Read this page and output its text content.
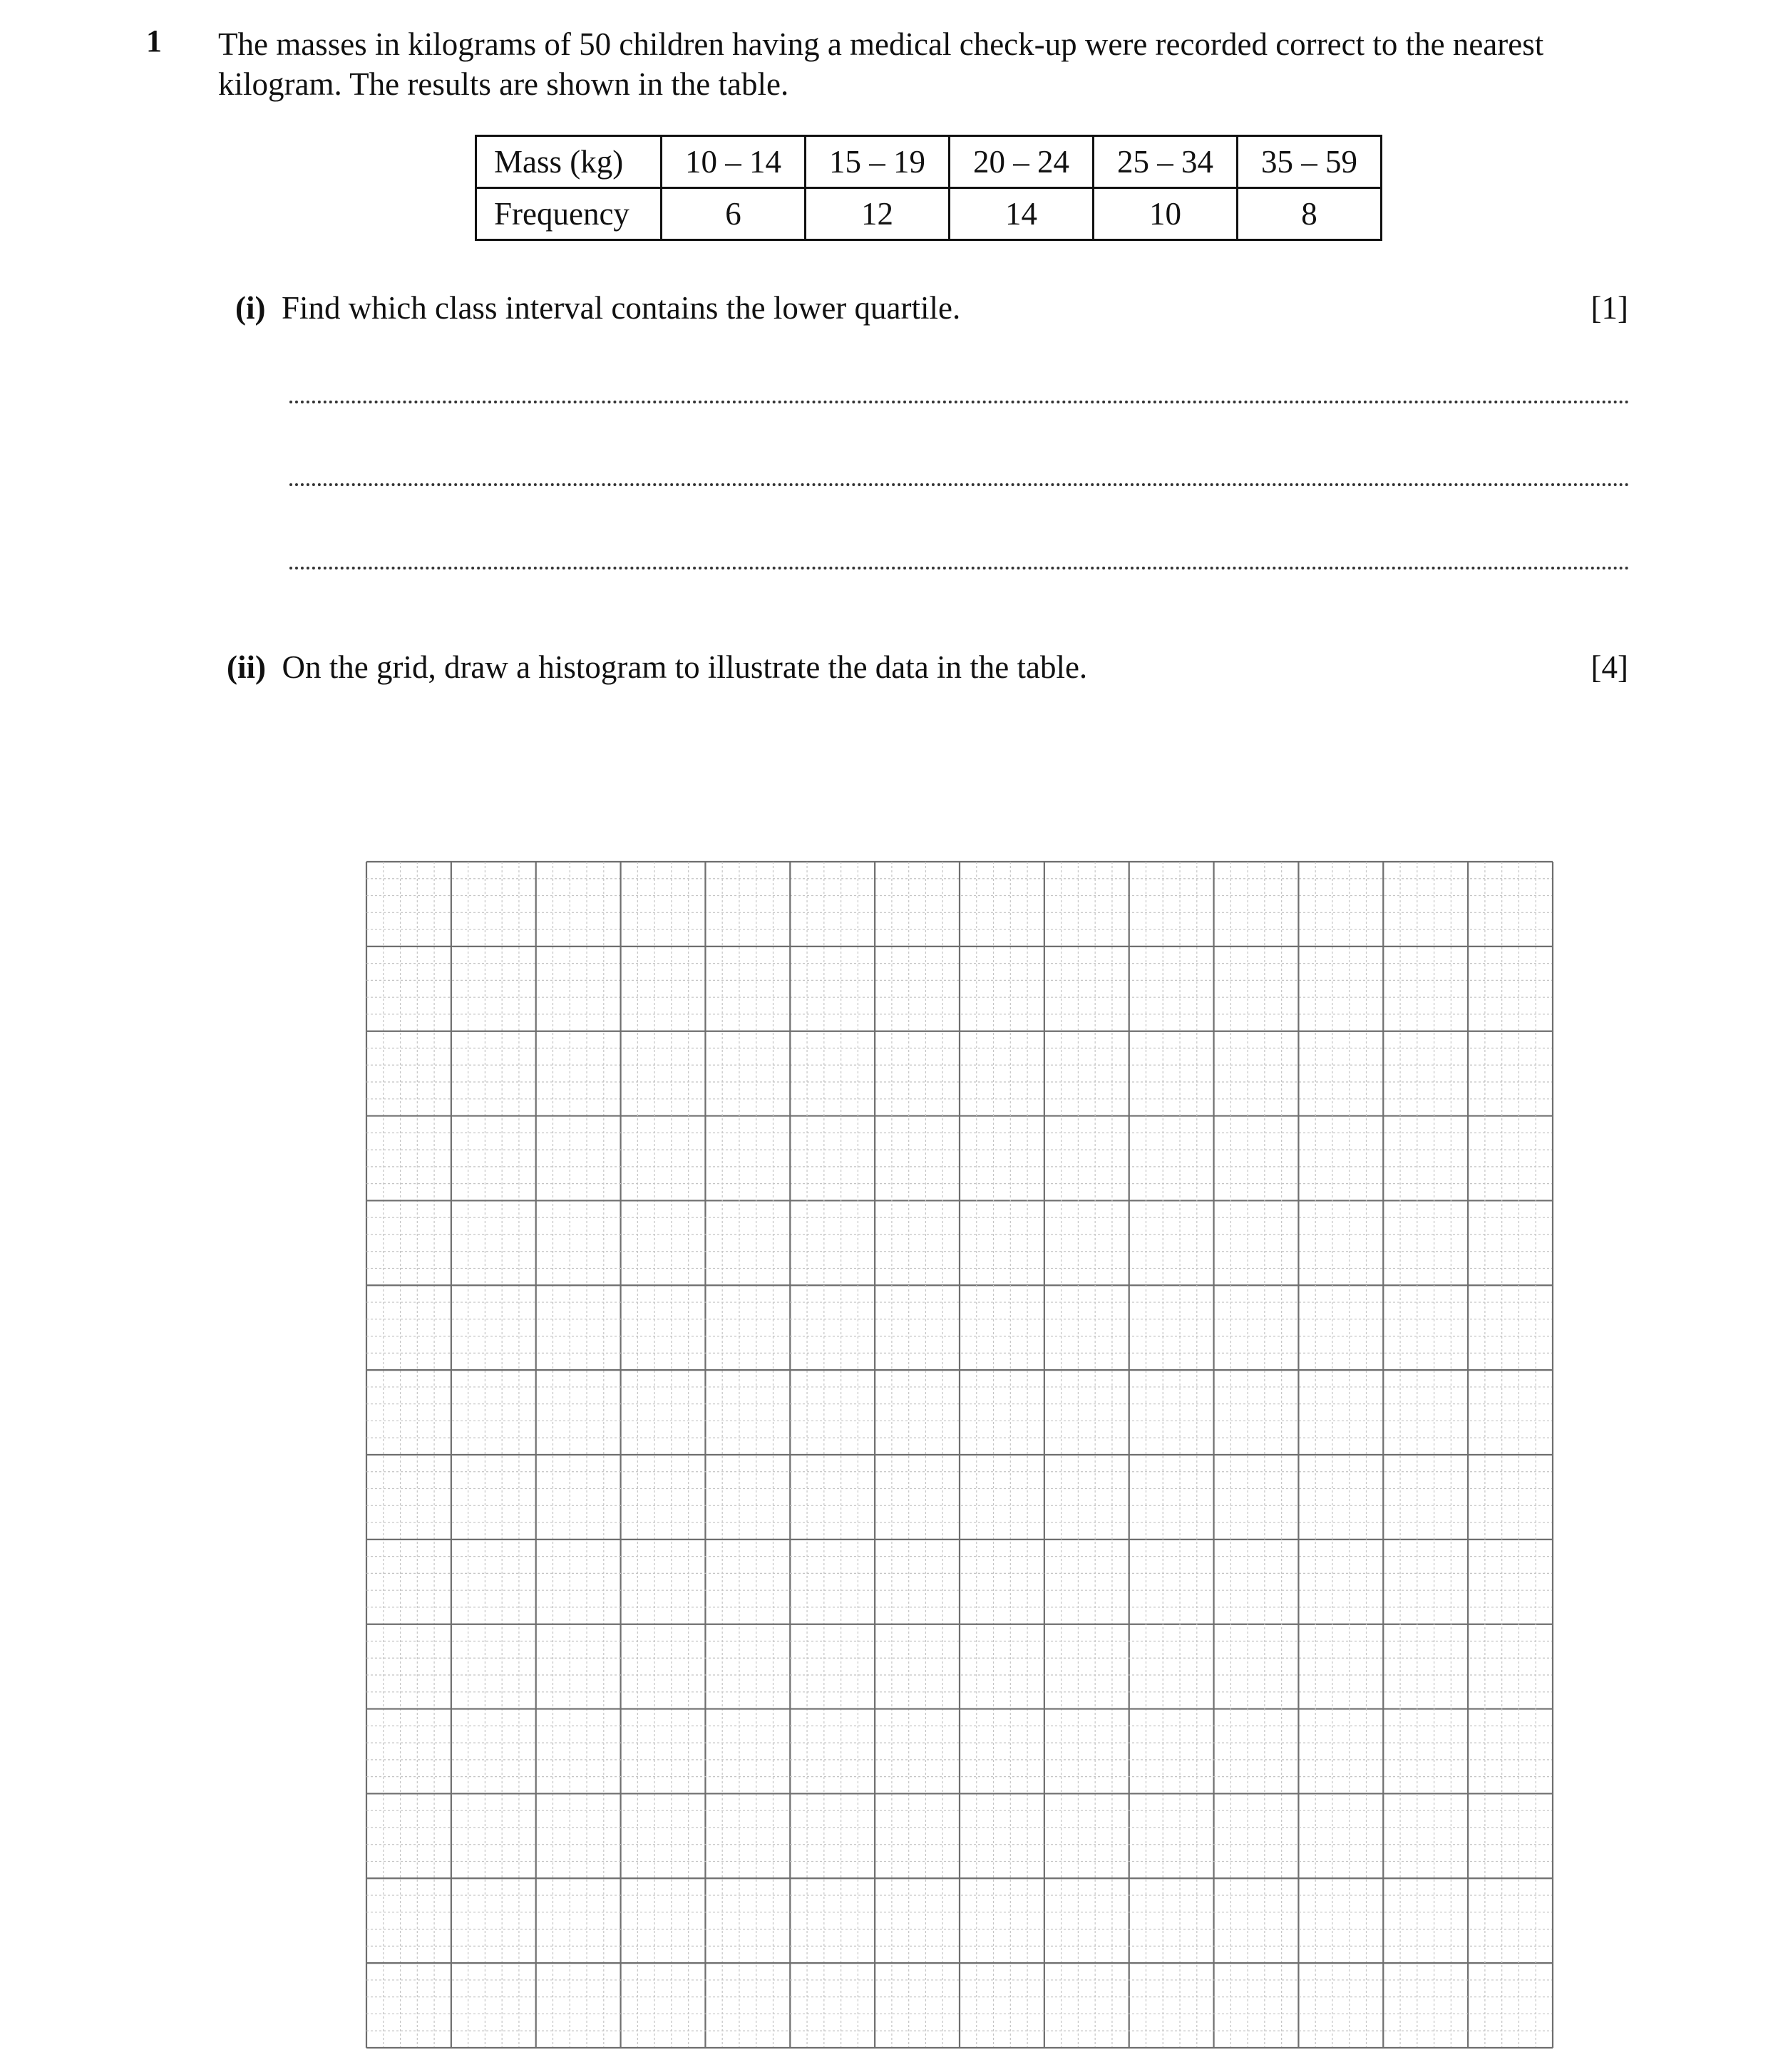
1 The masses in kilograms of 50 children having a medical check-up were recorded correct to the nearest
kilogram. The results are shown in the table.
Mass (kg)	10 – 14	15 – 19	20 – 24	25 – 34	35 – 59
Frequency	6	12	14	10	8
(i) Find which class interval contains the lower quartile.	[1]
(ii) On the grid, draw a histogram to illustrate the data in the table.	[4]
